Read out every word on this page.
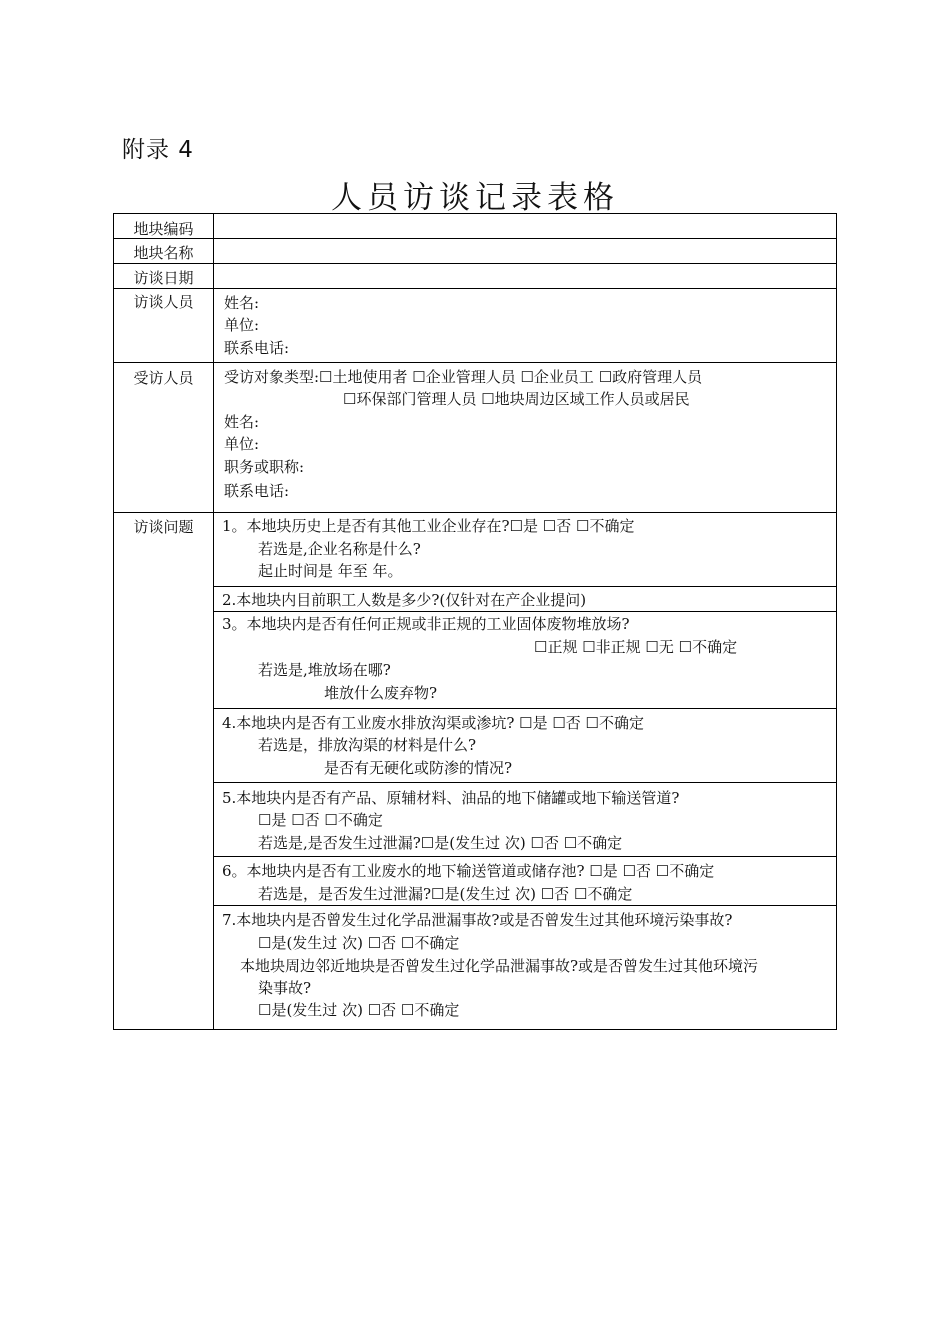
附录 4
人员访谈记录表格
地块编码
地块名称
访谈日期
访谈人员
受访人员
访谈问题
姓名:
单位:
联系电话:
受访对象类型:☐土地使用者 ☐企业管理人员 ☐企业员工 ☐政府管理人员
☐环保部门管理人员 ☐地块周边区域工作人员或居民
姓名:
单位:
职务或职称:
联系电话:
1。本地块历史上是否有其他工业企业存在?☐是 ☐否 ☐不确定
若选是,企业名称是什么?
起止时间是 年至 年。
2.本地块内目前职工人数是多少?(仅针对在产企业提问)
3。本地块内是否有任何正规或非正规的工业固体废物堆放场?
☐正规 ☐非正规 ☐无 ☐不确定
若选是,堆放场在哪?
堆放什么废弃物?
4.本地块内是否有工业废水排放沟渠或渗坑? ☐是 ☐否 ☐不确定
若选是，排放沟渠的材料是什么?
是否有无硬化或防渗的情况?
5.本地块内是否有产品、原辅材料、油品的地下储罐或地下输送管道?
☐是 ☐否 ☐不确定
若选是,是否发生过泄漏?☐是(发生过 次) ☐否 ☐不确定
6。本地块内是否有工业废水的地下输送管道或储存池? ☐是 ☐否 ☐不确定
若选是，是否发生过泄漏?☐是(发生过 次) ☐否 ☐不确定
7.本地块内是否曾发生过化学品泄漏事故?或是否曾发生过其他环境污染事故?
☐是(发生过 次) ☐否 ☐不确定
本地块周边邻近地块是否曾发生过化学品泄漏事故?或是否曾发生过其他环境污
染事故?
☐是(发生过 次) ☐否 ☐不确定
